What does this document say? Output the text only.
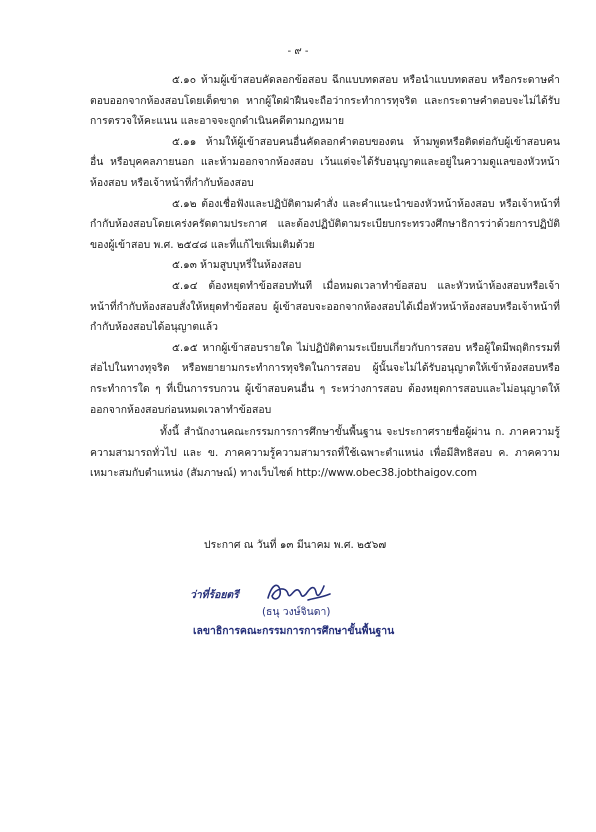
- ๙ -

๕.๑๐ ห้ามผู้เข้าสอบคัดลอกข้อสอบ ฉีกแบบทดสอบ หรือนำแบบทดสอบ หรือกระดาษคำตอบออกจากห้องสอบโดยเด็ดขาด หากผู้ใดฝ่าฝืนจะถือว่ากระทำการทุจริต และกระดาษคำตอบจะไม่ได้รับการตรวจให้คะแนน และอาจจะถูกดำเนินคดีตามกฎหมาย

๕.๑๑ ห้ามให้ผู้เข้าสอบคนอื่นคัดลอกคำตอบของตน ห้ามพูดหรือติดต่อกับผู้เข้าสอบคนอื่น หรือบุคคลภายนอก และห้ามออกจากห้องสอบ เว้นแต่จะได้รับอนุญาตและอยู่ในความดูแลของหัวหน้าห้องสอบ หรือเจ้าหน้าที่กำกับห้องสอบ

๕.๑๒ ต้องเชื่อฟังและปฏิบัติตามคำสั่ง และคำแนะนำของหัวหน้าห้องสอบ หรือเจ้าหน้าที่กำกับห้องสอบโดยเคร่งครัดตามประกาศ และต้องปฏิบัติตามระเบียบกระทรวงศึกษาธิการว่าด้วยการปฏิบัติของผู้เข้าสอบ พ.ศ. ๒๕๔๘ และที่แก้ไขเพิ่มเติมด้วย

๕.๑๓ ห้ามสูบบุหรี่ในห้องสอบ

๕.๑๔ ต้องหยุดทำข้อสอบทันที เมื่อหมดเวลาทำข้อสอบ และหัวหน้าห้องสอบหรือเจ้าหน้าที่กำกับห้องสอบสั่งให้หยุดทำข้อสอบ ผู้เข้าสอบจะออกจากห้องสอบได้เมื่อหัวหน้าห้องสอบหรือเจ้าหน้าที่กำกับห้องสอบได้อนุญาตแล้ว

๕.๑๕ หากผู้เข้าสอบรายใด ไม่ปฏิบัติตามระเบียบเกี่ยวกับการสอบ หรือผู้ใดมีพฤติกรรมที่ส่อไปในทางทุจริต หรือพยายามกระทำการทุจริตในการสอบ ผู้นั้นจะไม่ได้รับอนุญาตให้เข้าห้องสอบหรือกระทำการใด ๆ ที่เป็นการรบกวน ผู้เข้าสอบคนอื่น ๆ ระหว่างการสอบ ต้องหยุดการสอบและไม่อนุญาตให้ออกจากห้องสอบก่อนหมดเวลาทำข้อสอบ

ทั้งนี้ สำนักงานคณะกรรมการการศึกษาขั้นพื้นฐาน จะประกาศรายชื่อผู้ผ่าน ก. ภาคความรู้ความสามารถทั่วไป และ ข. ภาคความรู้ความสามารถที่ใช้เฉพาะตำแหน่ง เพื่อมีสิทธิสอบ ค. ภาคความเหมาะสมกับตำแหน่ง (สัมภาษณ์) ทางเว็บไซต์ http://www.obec38.jobthaigov.com

ประกาศ ณ วันที่ ๑๓ มีนาคม พ.ศ. ๒๕๖๗
ว่าที่ร้อยตรี
(ธนุ วงษ์จินดา)
เลขาธิการคณะกรรมการการศึกษาขั้นพื้นฐาน
